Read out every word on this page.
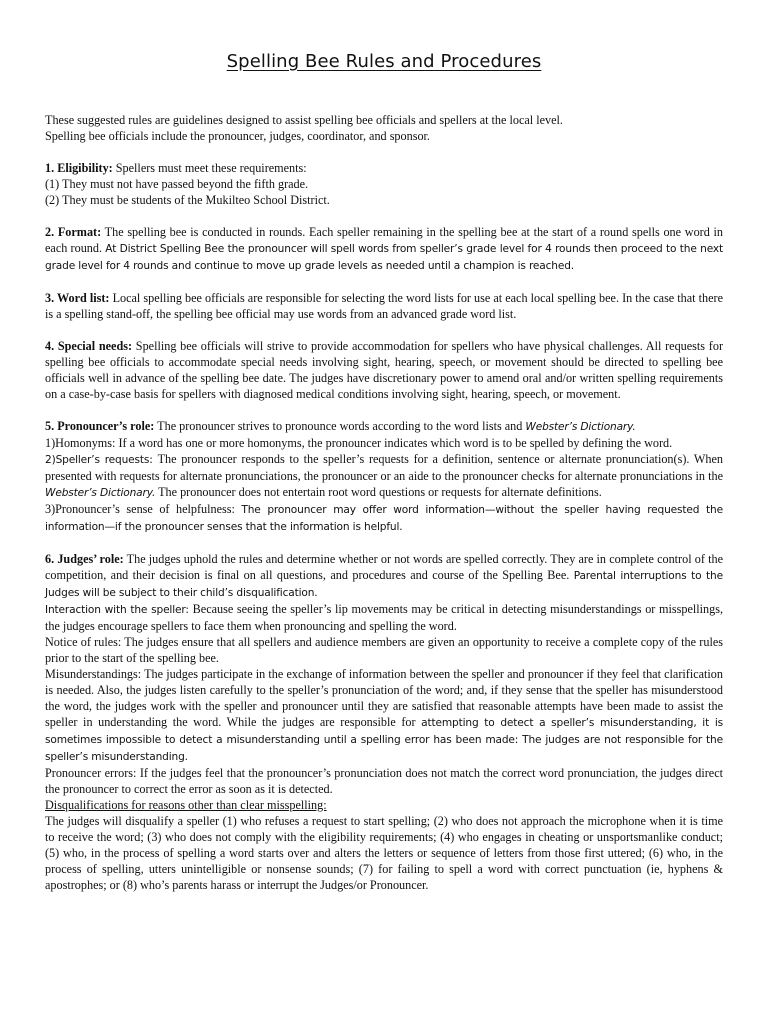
Spelling Bee Rules and Procedures

These suggested rules are guidelines designed to assist spelling bee officials and spellers at the local level.

Spelling bee officials include the pronouncer, judges, coordinator, and sponsor.

1. Eligibility: Spellers must meet these requirements:

(1) They must not have passed beyond the fifth grade.

(2) They must be students of the Mukilteo School District.

2. Format: The spelling bee is conducted in rounds. Each speller remaining in the spelling bee at the start of a round spells one word in each round. At District Spelling Bee the pronouncer will spell words from speller’s grade level for 4 rounds then proceed to the next grade level for 4 rounds and continue to move up grade levels as needed until a champion is reached.

3. Word list: Local spelling bee officials are responsible for selecting the word lists for use at each local spelling bee. In the case that there is a spelling stand-off, the spelling bee official may use words from an advanced grade word list.

4. Special needs: Spelling bee officials will strive to provide accommodation for spellers who have physical challenges. All requests for spelling bee officials to accommodate special needs involving sight, hearing, speech, or movement should be directed to spelling bee officials well in advance of the spelling bee date. The judges have discretionary power to amend oral and/or written spelling requirements on a case-by-case basis for spellers with diagnosed medical conditions involving sight, hearing, speech, or movement.

5. Pronouncer’s role: The pronouncer strives to pronounce words according to the word lists and Webster’s Dictionary.

1)Homonyms: If a word has one or more homonyms, the pronouncer indicates which word is to be spelled by defining the word.

2)Speller’s requests: The pronouncer responds to the speller’s requests for a definition, sentence or alternate pronunciation(s). When presented with requests for alternate pronunciations, the pronouncer or an aide to the pronouncer checks for alternate pronunciations in the Webster’s Dictionary. The pronouncer does not entertain root word questions or requests for alternate definitions.

3)Pronouncer’s sense of helpfulness: The pronouncer may offer word information—without the speller having requested the information—if the pronouncer senses that the information is helpful.

6. Judges’ role: The judges uphold the rules and determine whether or not words are spelled correctly. They are in complete control of the competition, and their decision is final on all questions, and procedures and course of the Spelling Bee. Parental interruptions to the Judges will be subject to their child’s disqualification.

Interaction with the speller: Because seeing the speller’s lip movements may be critical in detecting misunderstandings or misspellings, the judges encourage spellers to face them when pronouncing and spelling the word.

Notice of rules: The judges ensure that all spellers and audience members are given an opportunity to receive a complete copy of the rules prior to the start of the spelling bee.

Misunderstandings: The judges participate in the exchange of information between the speller and pronouncer if they feel that clarification is needed. Also, the judges listen carefully to the speller’s pronunciation of the word; and, if they sense that the speller has misunderstood the word, the judges work with the speller and pronouncer until they are satisfied that reasonable attempts have been made to assist the speller in understanding the word. While the judges are responsible for attempting to detect a speller’s misunderstanding, it is sometimes impossible to detect a misunderstanding until a spelling error has been made: The judges are not responsible for the speller’s misunderstanding.

Pronouncer errors: If the judges feel that the pronouncer’s pronunciation does not match the correct word pronunciation, the judges direct the pronouncer to correct the error as soon as it is detected.

Disqualifications for reasons other than clear misspelling:

The judges will disqualify a speller (1) who refuses a request to start spelling; (2) who does not approach the microphone when it is time to receive the word; (3) who does not comply with the eligibility requirements; (4) who engages in cheating or unsportsmanlike conduct; (5) who, in the process of spelling a word starts over and alters the letters or sequence of letters from those first uttered; (6) who, in the process of spelling, utters unintelligible or nonsense sounds; (7) for failing to spell a word with correct punctuation (ie, hyphens & apostrophes; or (8) who’s parents harass or interrupt the Judges/or Pronouncer.
